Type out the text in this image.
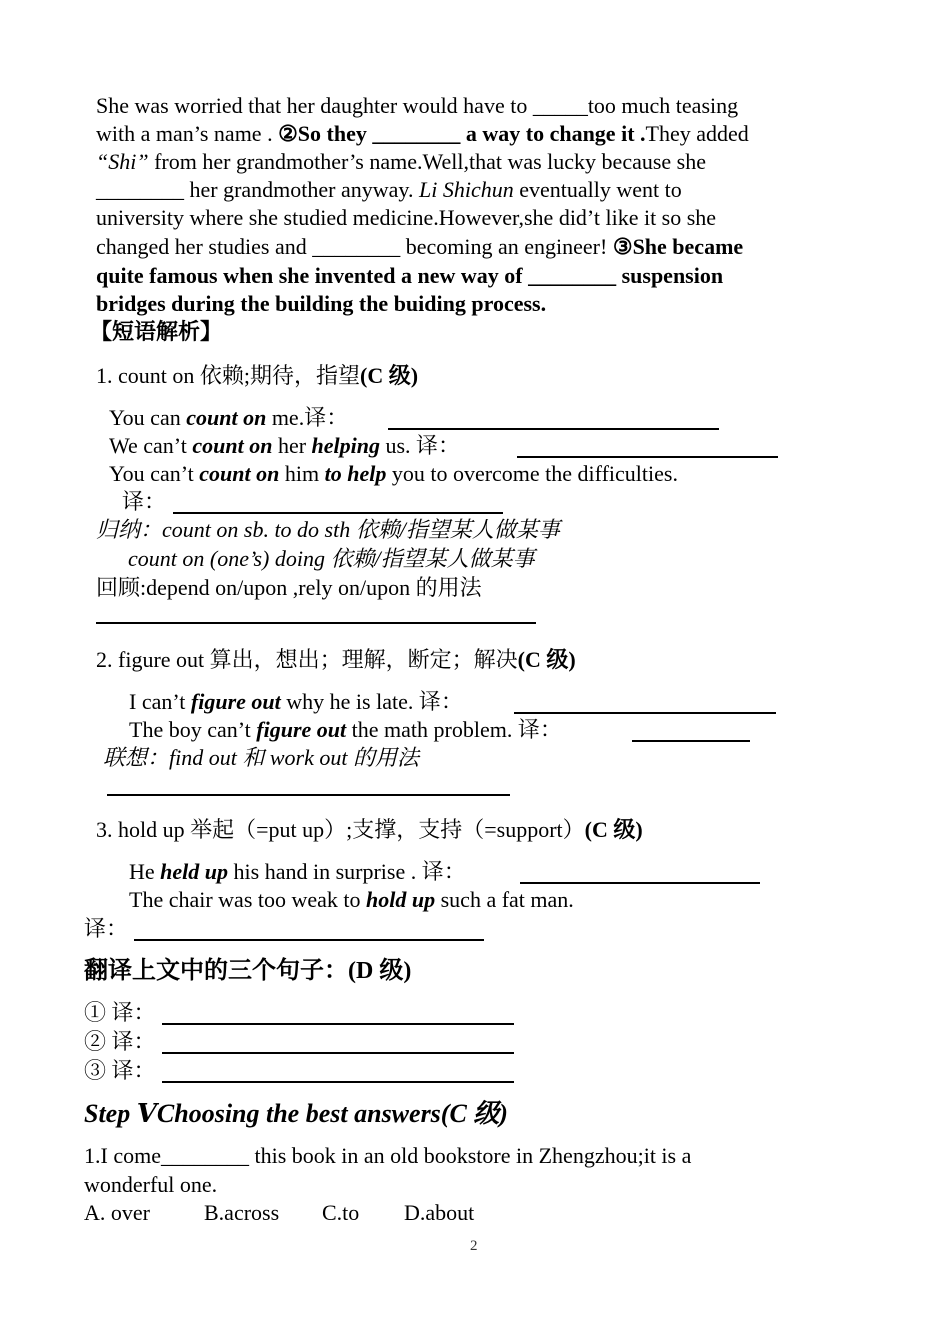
She was worried that her daughter would have to _____too much teasing
with a man’s name . ②So they ________ a way to change it .They added
“Shi” from her grandmother’s name.Well,that was lucky because she
________ her grandmother anyway. Li Shichun eventually went to
university where she studied medicine.However,she did’t like it so she
changed her studies and ________ becoming an engineer! ③She became
quite famous when she invented a new way of ________ suspension
bridges during the building the buiding process.
【短语解析】
1. count on 依赖;期待，指望(C 级)
You can count on me.译：
We can’t count on her helping us. 译：
You can’t count on him to help you to overcome the difficulties.
译：
归纳：count on sb. to do sth 依赖/指望某人做某事
count on (one’s) doing 依赖/指望某人做某事
回顾:depend on/upon ,rely on/upon 的用法
2. figure out 算出，想出；理解，断定；解决(C 级)
I can’t figure out why he is late. 译：
The boy can’t figure out the math problem. 译：
联想：find out 和 work out 的用法
3. hold up 举起（=put up）;支撑，支持（=support）(C 级)
He held up his hand in surprise . 译：
The chair was too weak to hold up such a fat man.
译：
翻译上文中的三个句子：(D 级)
① 译：
② 译：
③ 译：
Step ⅤChoosing the best answers(C 级)
1.I come________ this book in an old bookstore in Zhengzhou;it is a
wonderful one.
A. over B.across C.to D.about
2
